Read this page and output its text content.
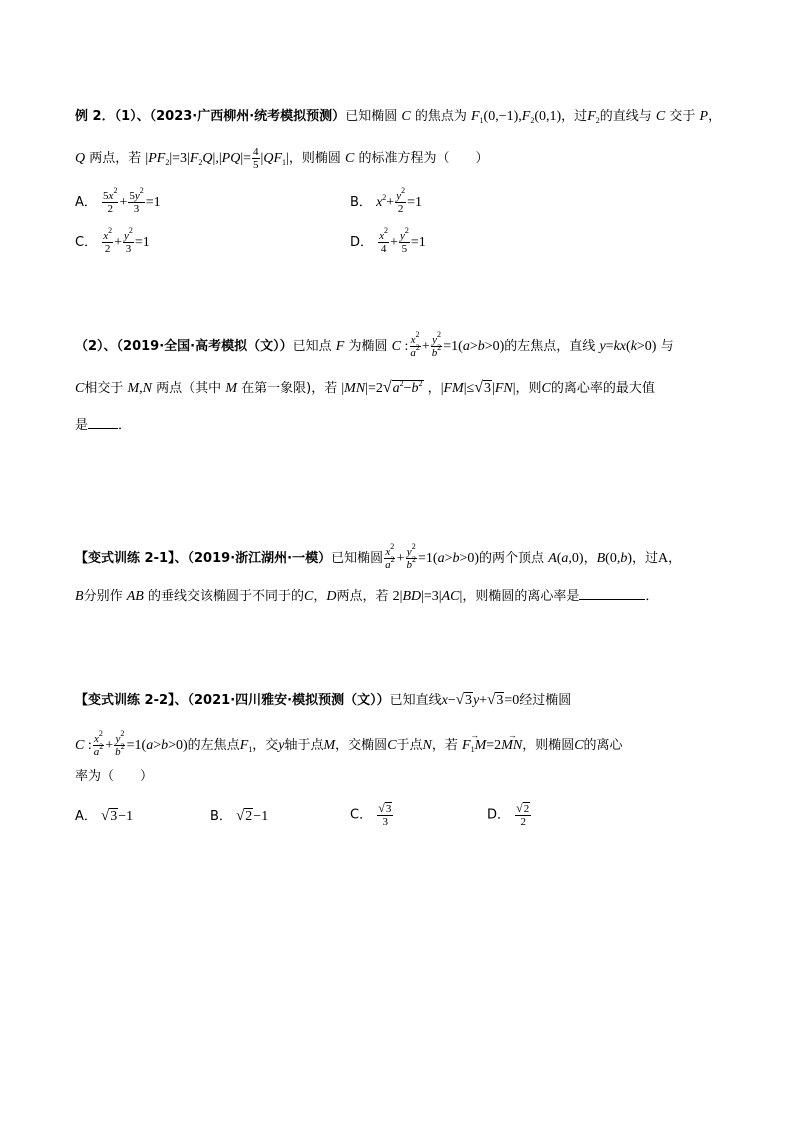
例 2．（1）、（2023·广西柳州·统考模拟预测）已知椭圆 C 的焦点为 $F_1(0,-1),F_2(0,1)$，过$F_2$的直线与 C 交于 P，
Q 两点，若 $|PF_2|=3|F_2Q|,|PQ|= \frac{4}{5} |QF_1|$，则椭圆 C 的标准方程为（　　）
A． $\frac{5x^2}{2} + \frac{5y^2}{3} =1$	B． $x^2+ \frac{y^2}{2} =1$
C． $\frac{x^2}{2} + \frac{y^2}{3} =1$	D． $\frac{x^2}{4} + \frac{y^2}{5} =1$
（2）、（2019·全国·高考模拟（文））已知点 F 为椭圆 C : $\frac{x^2}{a^2} + \frac{y^2}{b^2} =1(a>b>0)$的左焦点，直线 y=kx(k>0) 与
C相交于 M,N 两点（其中 M 在第一象限)，若 $|MN|=2√a^2-b^2$ ，|FM|≤√3|FN|，则C的离心率的最大值
是 ．
【变式训练 2-1】、（2019·浙江湖州·一模）已知椭圆 $\frac{x^2}{a^2} + \frac{y^2}{b^2} =1(a>b>0)$的两个顶点 A(a,0)，B(0,b)，过A，
B分别作 AB 的垂线交该椭圆于不同于的C，D两点，若 2|BD|=3|AC|，则椭圆的离心率是	．
【变式训练 2-2】、（2021·四川雅安·模拟预测（文））已知直线x−√3y+√3=0经过椭圆
C : $\frac{x^2}{a^2} + \frac{y^2}{b^2} =1(a>b>0)$的左焦点$F_1$，交y轴于点M，交椭圆C于点N，若 → $F_1M=2\to$ MN，则椭圆C的离心
率为（　　）
A． √3−1	B． √2−1	C． $\frac{√3}{3}$	D． $\frac{√2}{2}$
